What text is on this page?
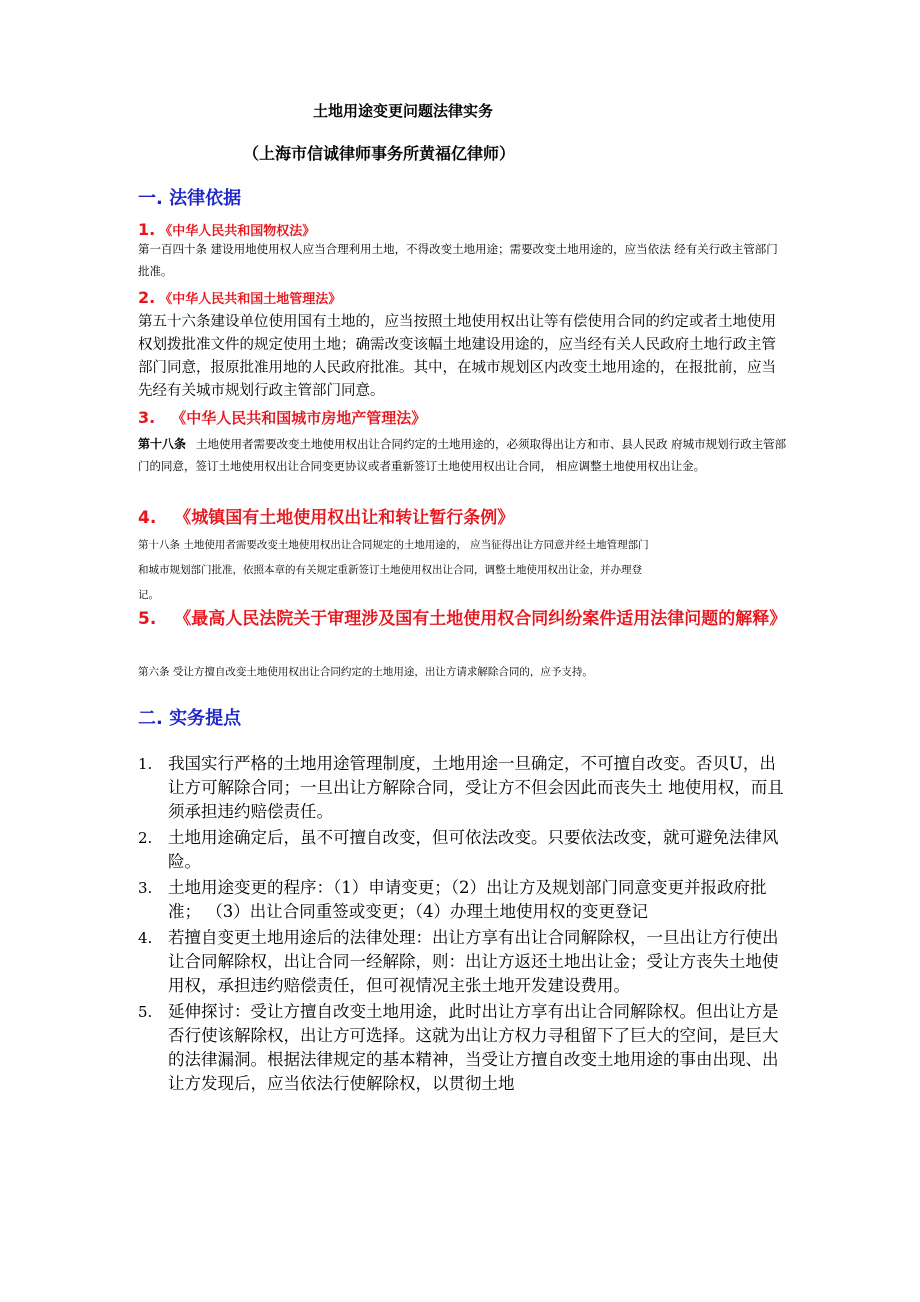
土地用途变更问题法律实务
（上海市信诚律师事务所黄福亿律师）
一. 法律依据
1. 《中华人民共和国物权法》
第一百四十条 建设用地使用权人应当合理利用土地，不得改变土地用途；需要改变土地用途的，应当依法 经有关行政主管部门批准。
2. 《中华人民共和国土地管理法》
第五十六条建设单位使用国有土地的，应当按照土地使用权出让等有偿使用合同的约定或者土地使用权划拨批准文件的规定使用土地；确需改变该幅土地建设用途的，应当经有关人民政府土地行政主管部门同意，报原批准用地的人民政府批准。其中，在城市规划区内改变土地用途的，在报批前，应当先经有关城市规划行政主管部门同意。
3. 《中华人民共和国城市房地产管理法》
第十八条 土地使用者需要改变土地使用权出让合同约定的土地用途的，必须取得出让方和市、县人民政 府城市规划行政主管部门的同意，签订土地使用权出让合同变更协议或者重新签订土地使用权出让合同， 相应调整土地使用权出让金。
4. 《城镇国有土地使用权出让和转让暂行条例》
第十八条 土地使用者需要改变土地使用权出让合同规定的土地用途的， 应当征得出让方同意并经土地管理部门
和城市规划部门批准，依照本章的有关规定重新签订土地使用权出让合同，调整土地使用权出让金，并办理登
记。
5. 《最高人民法院关于审理涉及国有土地使用权合同纠纷案件适用法律问题的解释》
第六条 受让方擅自改变土地使用权出让合同约定的土地用途，出让方请求解除合同的，应予支持。
二. 实务提点
1. 我国实行严格的土地用途管理制度，土地用途一旦确定，不可擅自改变。否贝U，出让方可解除合同；一旦出让方解除合同，受让方不但会因此而丧失土 地使用权，而且须承担违约赔偿责任。
2. 土地用途确定后，虽不可擅自改变，但可依法改变。只要依法改变，就可避免法律风险。
3. 土地用途变更的程序：（1）申请变更；（2）出让方及规划部门同意变更并报政府批准； （3）出让合同重签或变更；（4）办理土地使用权的变更登记
4. 若擅自变更土地用途后的法律处理：出让方享有出让合同解除权，一旦出让方行使出让合同解除权，出让合同一经解除，则：出让方返还土地出让金；受让方丧失土地使用权，承担违约赔偿责任，但可视情况主张土地开发建设费用。
5. 延伸探讨：受让方擅自改变土地用途，此时出让方享有出让合同解除权。但出让方是否行使该解除权，出让方可选择。这就为出让方权力寻租留下了巨大的空间，是巨大的法律漏洞。根据法律规定的基本精神，当受让方擅自改变土地用途的事由出现、出让方发现后，应当依法行使解除权，以贯彻土地
